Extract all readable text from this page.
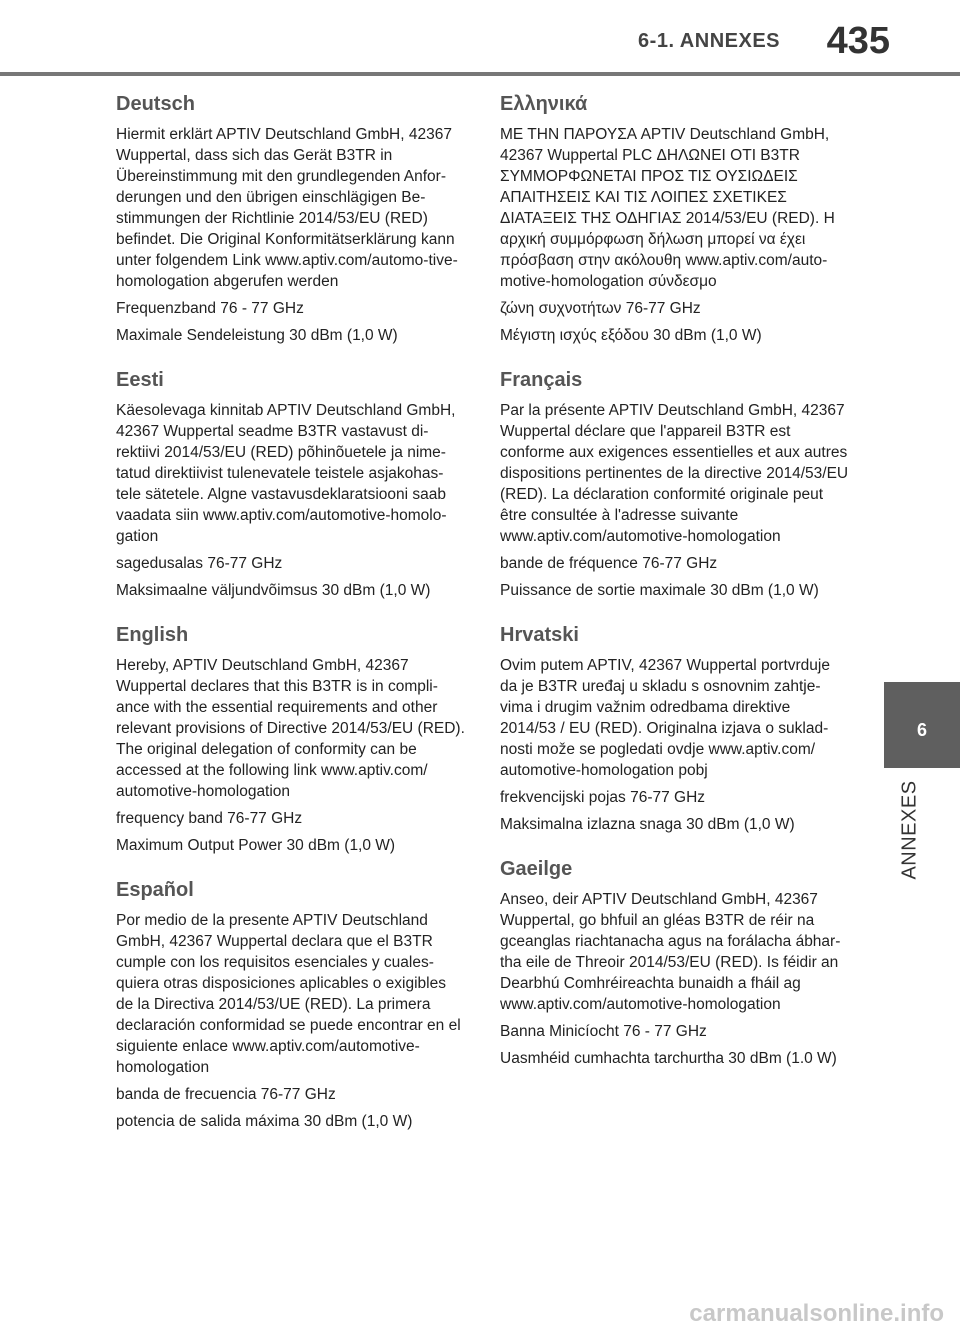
6-1. ANNEXES 435
Deutsch

Hiermit erklärt APTIV Deutschland GmbH, 42367 Wuppertal, dass sich das Gerät B3TR in Übereinstimmung mit den grundlegenden Anfor-derungen und den übrigen einschlägigen Be-stimmungen der Richtlinie 2014/53/EU (RED) befindet. Die Original Konformitätserklärung kann unter folgendem Link www.aptiv.com/automo-tive-homologation abgerufen werden

Frequenzband 76 - 77 GHz

Maximale Sendeleistung 30 dBm (1,0 W)

Eesti

Käesolevaga kinnitab APTIV Deutschland GmbH, 42367 Wuppertal seadme B3TR vastavust di-rektiivi 2014/53/EU (RED) põhinõuetele ja nime-tatud direktiivist tulenevatele teistele asjakohas-tele sätetele. Algne vastavusdeklaratsiooni saab vaadata siin www.aptiv.com/automotive-homolo-gation

sagedusalas 76-77 GHz

Maksimaalne väljundvõimsus 30 dBm (1,0 W)

English

Hereby, APTIV Deutschland GmbH, 42367 Wuppertal declares that this B3TR is in compli-ance with the essential requirements and other relevant provisions of Directive 2014/53/EU (RED). The original delegation of conformity can be accessed at the following link www.aptiv.com/ automotive-homologation

frequency band 76-77 GHz

Maximum Output Power 30 dBm (1,0 W)

Español

Por medio de la presente APTIV Deutschland GmbH, 42367 Wuppertal declara que el B3TR cumple con los requisitos esenciales y cuales-quiera otras disposiciones aplicables o exigibles de la Directiva 2014/53/UE (RED). La primera declaración conformidad se puede encontrar en el siguiente enlace www.aptiv.com/automotive-homologation

banda de frecuencia 76-77 GHz

potencia de salida máxima 30 dBm (1,0 W)

Ελληνικά

ΜΕ ΤΗΝ ΠΑΡΟΥΣΑ APTIV Deutschland GmbH, 42367 Wuppertal PLC ΔΗΛΩΝΕΙ ΟΤΙ B3TR ΣΥΜΜΟΡΦΩΝΕΤΑΙ ΠΡΟΣ ΤΙΣ ΟΥΣΙΩΔΕΙΣ ΑΠΑΙΤΗΣΕΙΣ ΚΑΙ ΤΙΣ ΛΟΙΠΕΣ ΣΧΕΤΙΚΕΣ ΔΙΑΤΑΞΕΙΣ ΤΗΣ ΟΔΗΓΙΑΣ 2014/53/EU (RED). Η αρχική συμμόρφωση δήλωση μπορεί να έχει πρόσβαση στην ακόλουθη www.aptiv.com/auto-motive-homologation σύνδεσμο

ζώνη συχνοτήτων 76-77 GHz

Μέγιστη ισχύς εξόδου 30 dBm (1,0 W)

Français

Par la présente APTIV Deutschland GmbH, 42367 Wuppertal déclare que l'appareil B3TR est conforme aux exigences essentielles et aux autres dispositions pertinentes de la directive 2014/53/EU (RED). La déclaration conformité originale peut être consultée à l'adresse suivante www.aptiv.com/automotive-homologation

bande de fréquence 76-77 GHz

Puissance de sortie maximale 30 dBm (1,0 W)

Hrvatski

Ovim putem APTIV, 42367 Wuppertal portvrduje da je B3TR uređaj u skladu s osnovnim zahtje-vima i drugim važnim odredbama direktive 2014/53 / EU (RED). Originalna izjava o suklad-nosti može se pogledati ovdje www.aptiv.com/ automotive-homologation pobj

frekvencijski pojas 76-77 GHz

Maksimalna izlazna snaga 30 dBm (1,0 W)

Gaeilge

Anseo, deir APTIV Deutschland GmbH, 42367 Wuppertal, go bhfuil an gléas B3TR de réir na gceanglas riachtanacha agus na forálacha ábhar-tha eile de Threoir 2014/53/EU (RED). Is féidir an Dearbhú Comhréireachta bunaidh a fháil ag www.aptiv.com/automotive-homologation

Banna Minicíocht 76 - 77 GHz

Uasmhéid cumhachta tarchurtha 30 dBm (1.0 W)

6
ANNEXES
carmanualsonline.info
